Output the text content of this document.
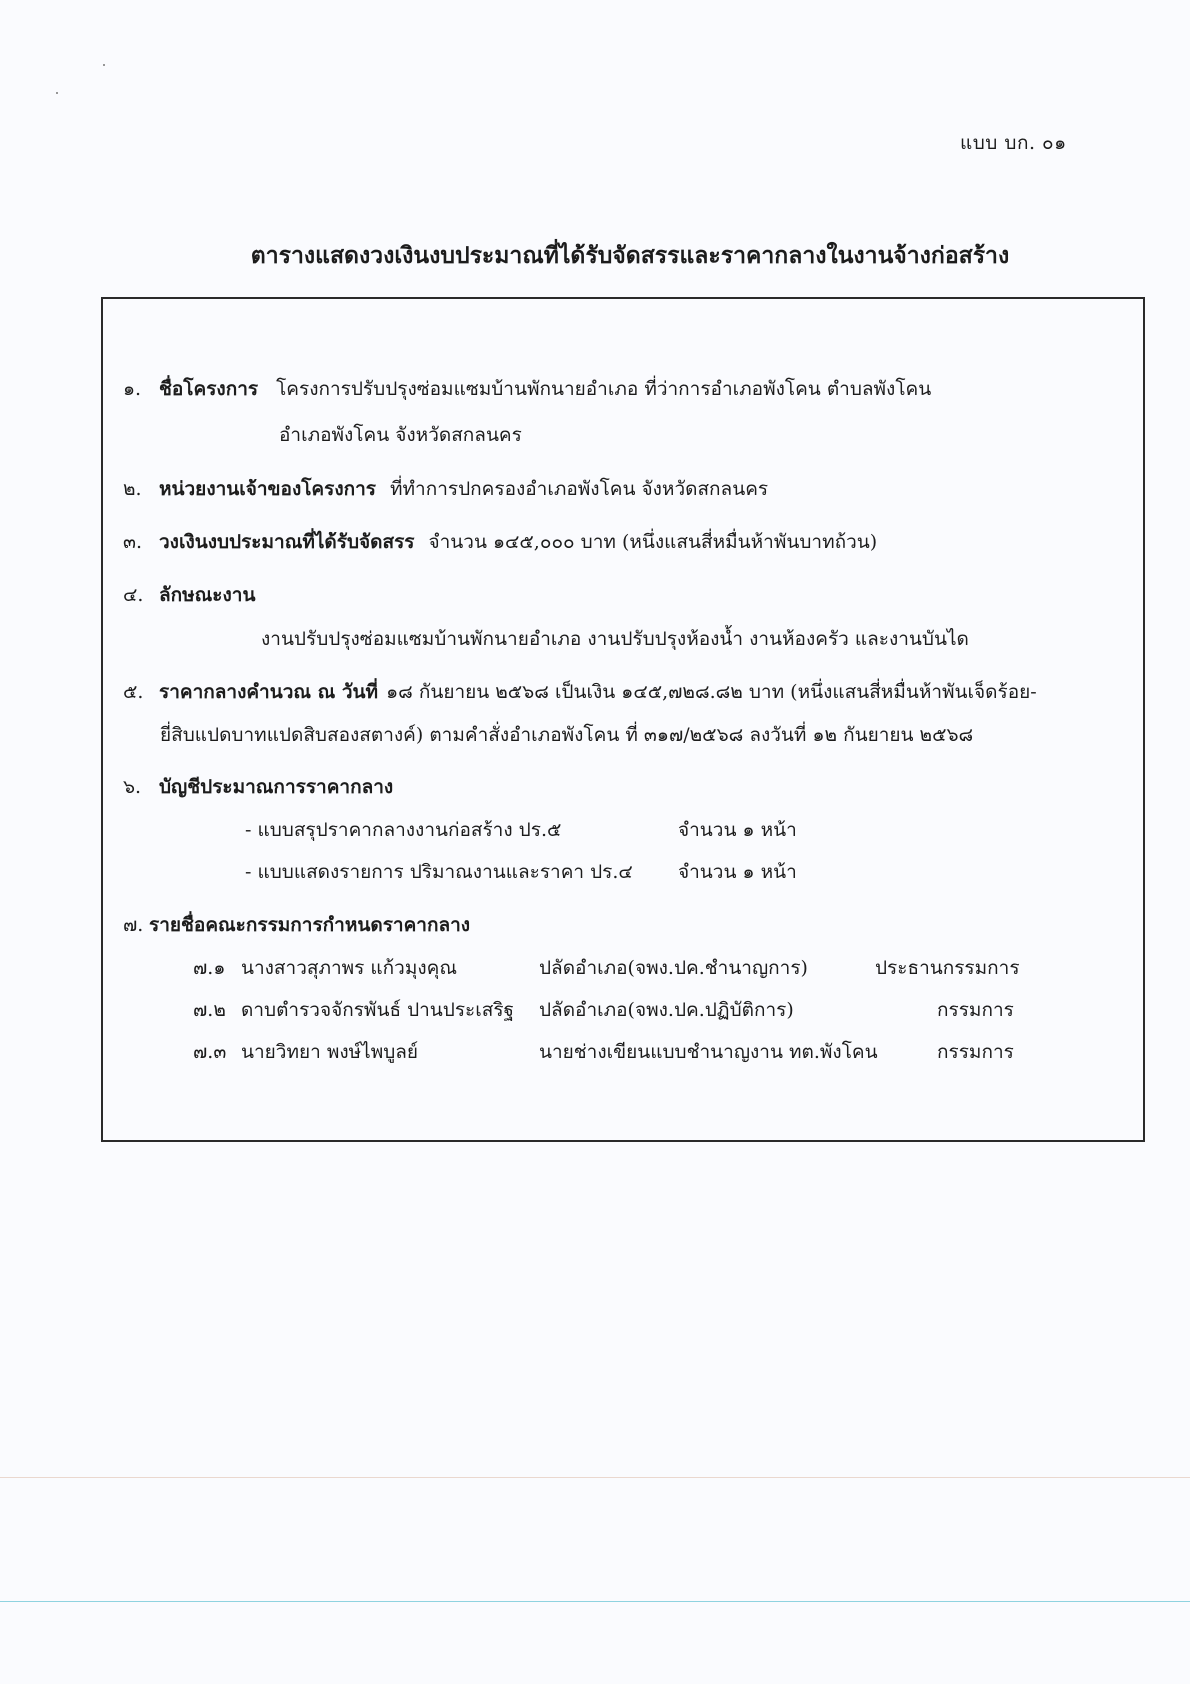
แบบ บก. ๐๑
ตารางแสดงวงเงินงบประมาณที่ได้รับจัดสรรและราคากลางในงานจ้างก่อสร้าง
๑. ชื่อโครงการ โครงการปรับปรุงซ่อมแซมบ้านพักนายอำเภอ ที่ว่าการอำเภอพังโคน ตำบลพังโคน
อำเภอพังโคน จังหวัดสกลนคร
๒. หน่วยงานเจ้าของโครงการ ที่ทำการปกครองอำเภอพังโคน จังหวัดสกลนคร
๓. วงเงินงบประมาณที่ได้รับจัดสรร จำนวน ๑๔๕,๐๐๐ บาท (หนึ่งแสนสี่หมื่นห้าพันบาทถ้วน)
๔. ลักษณะงาน
งานปรับปรุงซ่อมแซมบ้านพักนายอำเภอ งานปรับปรุงห้องน้ำ งานห้องครัว และงานบันได
๕. ราคากลางคำนวณ ณ วันที่ ๑๘ กันยายน ๒๕๖๘ เป็นเงิน ๑๔๕,๗๒๘.๘๒ บาท (หนึ่งแสนสี่หมื่นห้าพันเจ็ดร้อย-
ยี่สิบแปดบาทแปดสิบสองสตางค์) ตามคำสั่งอำเภอพังโคน ที่ ๓๑๗/๒๕๖๘ ลงวันที่ ๑๒ กันยายน ๒๕๖๘
๖. บัญชีประมาณการราคากลาง
- แบบสรุปราคากลางงานก่อสร้าง ปร.๕	จำนวน ๑ หน้า
- แบบแสดงรายการ ปริมาณงานและราคา ปร.๔ จำนวน ๑ หน้า
๗. รายชื่อคณะกรรมการกำหนดราคากลาง
๗.๑ นางสาวสุภาพร แก้วมุงคุณ	ปลัดอำเภอ(จพง.ปค.ชำนาญการ)	ประธานกรรมการ
๗.๒ ดาบตำรวจจักรพันธ์ ปานประเสริฐ ปลัดอำเภอ(จพง.ปค.ปฏิบัติการ)	กรรมการ
๗.๓ นายวิทยา พงษ์ไพบูลย์	นายช่างเขียนแบบชำนาญงาน ทต.พังโคน	กรรมการ
